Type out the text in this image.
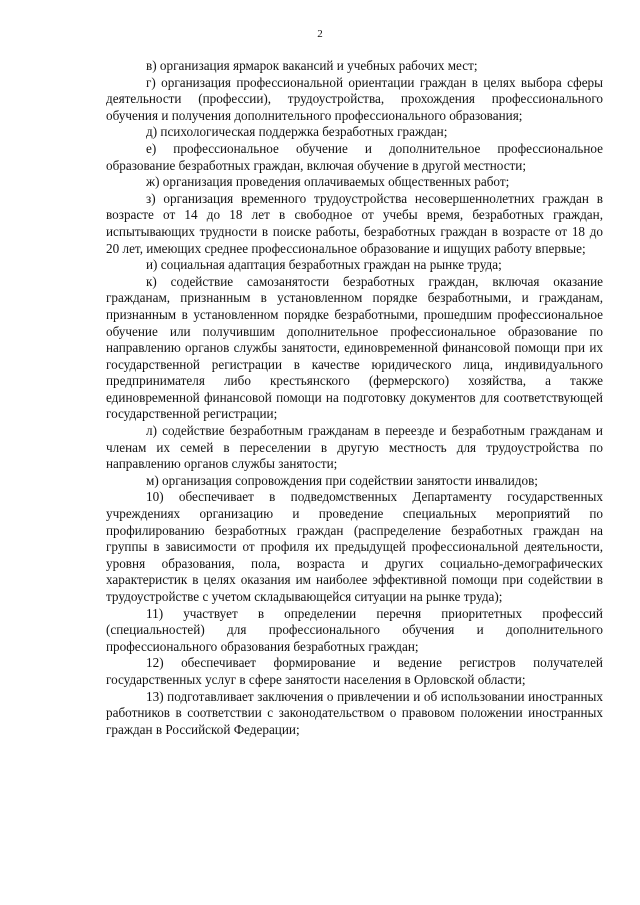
2

в) организация ярмарок вакансий и учебных рабочих мест;

г) организация профессиональной ориентации граждан в целях выбора сферы деятельности (профессии), трудоустройства, прохождения профессионального обучения и получения дополнительного профессионального образования;

д) психологическая поддержка безработных граждан;

е) профессиональное обучение и дополнительное профессиональное образование безработных граждан, включая обучение в другой местности;

ж) организация проведения оплачиваемых общественных работ;

з) организация временного трудоустройства несовершеннолетних граждан в возрасте от 14 до 18 лет в свободное от учебы время, безработных граждан, испытывающих трудности в поиске работы, безработных граждан в возрасте от 18 до 20 лет, имеющих среднее профессиональное образование и ищущих работу впервые;

и) социальная адаптация безработных граждан на рынке труда;

к) содействие самозанятости безработных граждан, включая оказание гражданам, признанным в установленном порядке безработными, и гражданам, признанным в установленном порядке безработными, прошедшим профессиональное обучение или получившим дополнительное профессиональное образование по направлению органов службы занятости, единовременной финансовой помощи при их государственной регистрации в качестве юридического лица, индивидуального предпринимателя либо крестьянского (фермерского) хозяйства, а также единовременной финансовой помощи на подготовку документов для соответствующей государственной регистрации;

л) содействие безработным гражданам в переезде и безработным гражданам и членам их семей в переселении в другую местность для трудоустройства по направлению органов службы занятости;

м) организация сопровождения при содействии занятости инвалидов;

10) обеспечивает в подведомственных Департаменту государственных учреждениях организацию и проведение специальных мероприятий по профилированию безработных граждан (распределение безработных граждан на группы в зависимости от профиля их предыдущей профессиональной деятельности, уровня образования, пола, возраста и других социально-демографических характеристик в целях оказания им наиболее эффективной помощи при содействии в трудоустройстве с учетом складывающейся ситуации на рынке труда);

11) участвует в определении перечня приоритетных профессий (специальностей) для профессионального обучения и дополнительного профессионального образования безработных граждан;

12) обеспечивает формирование и ведение регистров получателей государственных услуг в сфере занятости населения в Орловской области;

13) подготавливает заключения о привлечении и об использовании иностранных работников в соответствии с законодательством о правовом положении иностранных граждан в Российской Федерации;
